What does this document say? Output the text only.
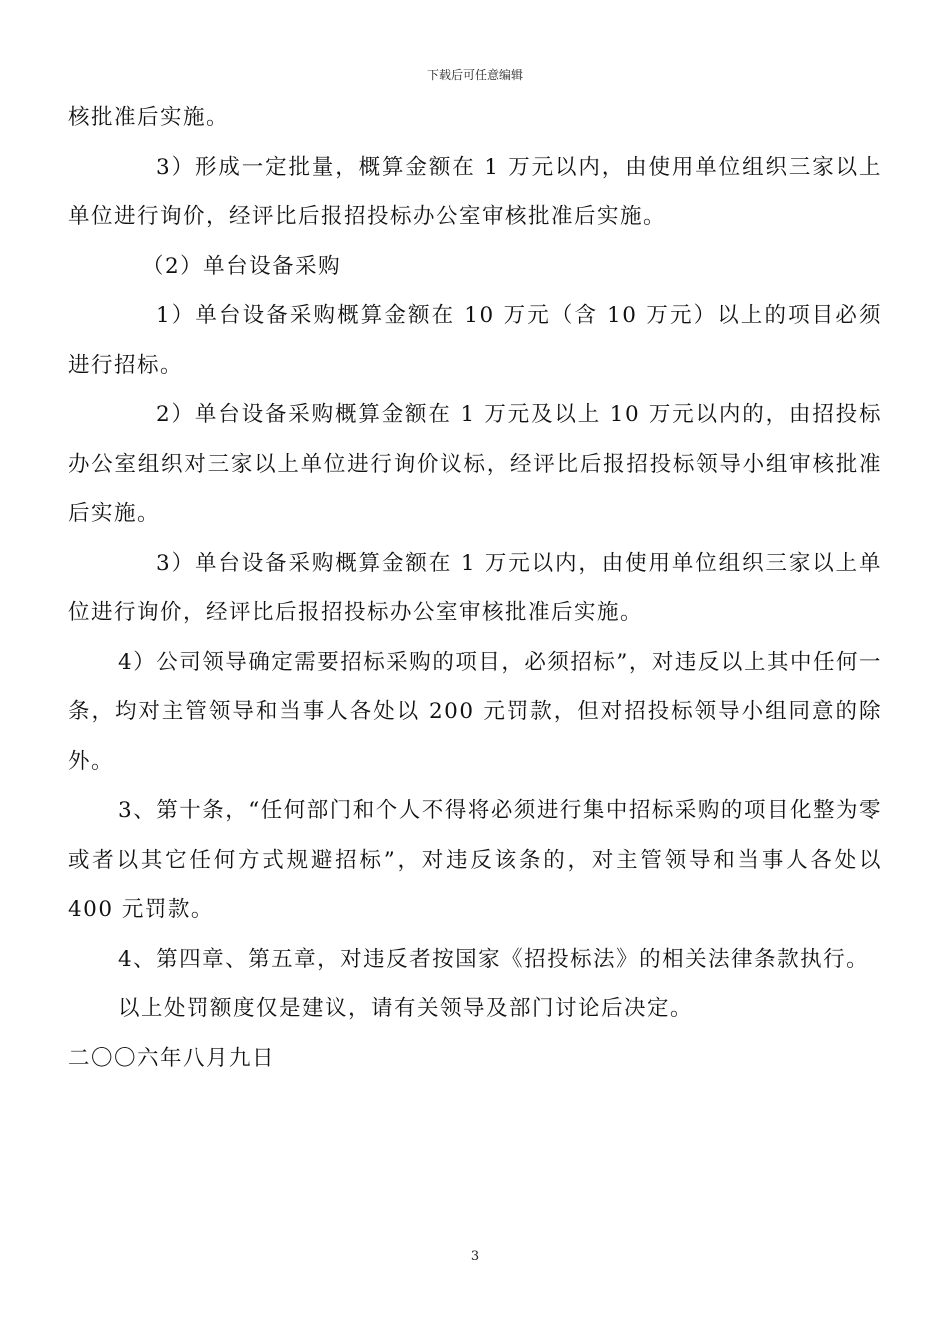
下载后可任意编辑

核批准后实施。

3）形成一定批量，概算金额在 1 万元以内，由使用单位组织三家以上单位进行询价，经评比后报招投标办公室审核批准后实施。

（2）单台设备采购

1）单台设备采购概算金额在 10 万元（含 10 万元）以上的项目必须进行招标。

2）单台设备采购概算金额在 1 万元及以上 10 万元以内的，由招投标办公室组织对三家以上单位进行询价议标，经评比后报招投标领导小组审核批准后实施。

3）单台设备采购概算金额在 1 万元以内，由使用单位组织三家以上单位进行询价，经评比后报招投标办公室审核批准后实施。

4）公司领导确定需要招标采购的项目，必须招标”，对违反以上其中任何一条，均对主管领导和当事人各处以 200 元罚款，但对招投标领导小组同意的除外。

3、第十条，“任何部门和个人不得将必须进行集中招标采购的项目化整为零或者以其它任何方式规避招标”，对违反该条的，对主管领导和当事人各处以 400 元罚款。

4、第四章、第五章，对违反者按国家《招投标法》的相关法律条款执行。

以上处罚额度仅是建议，请有关领导及部门讨论后决定。

二〇〇六年八月九日

3
